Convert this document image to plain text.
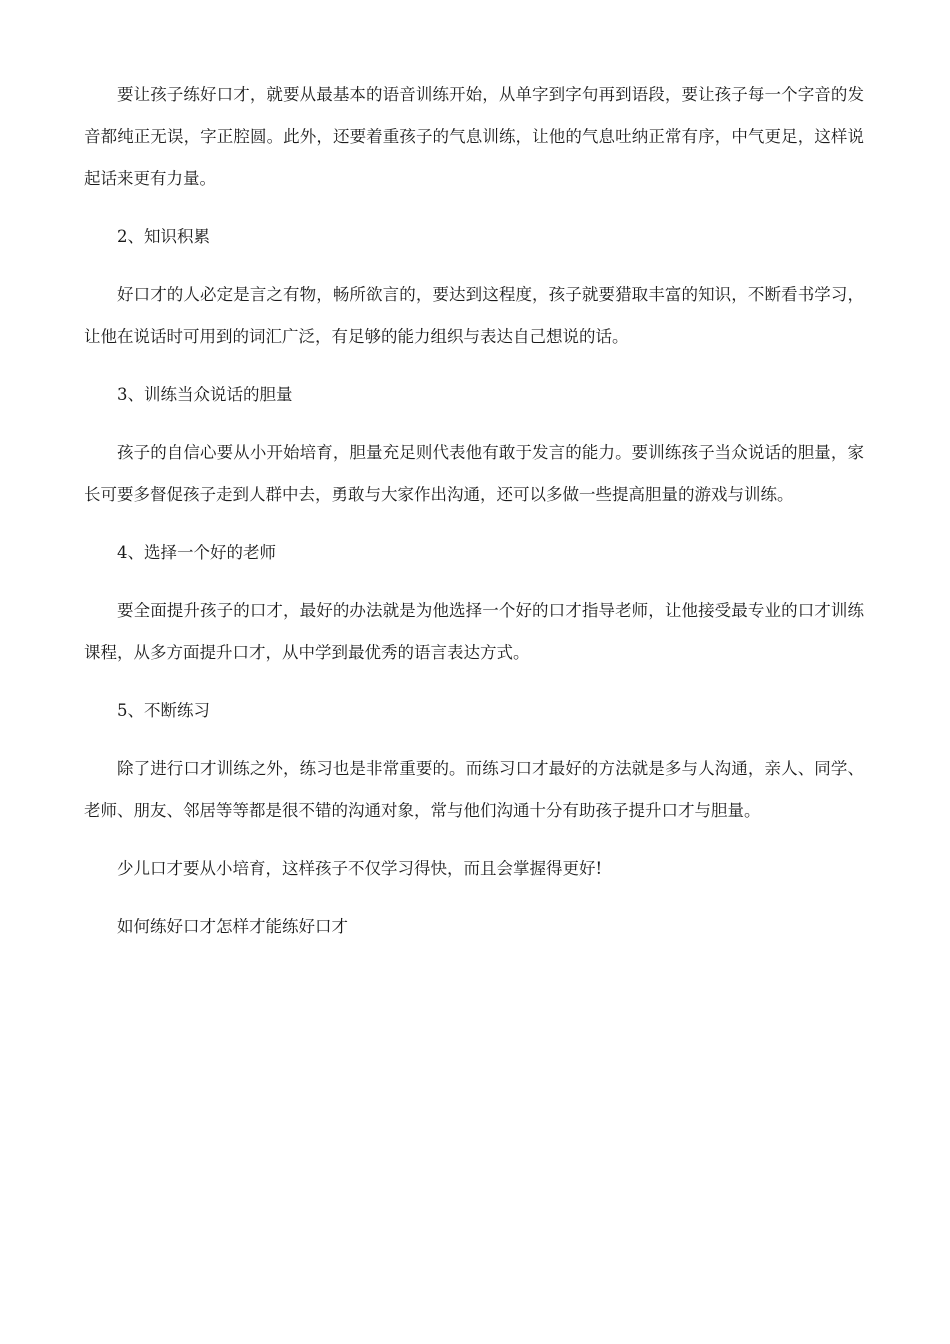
要让孩子练好口才，就要从最基本的语音训练开始，从单字到字句再到语段，要让孩子每一个字音的发音都纯正无误，字正腔圆。此外，还要着重孩子的气息训练，让他的气息吐纳正常有序，中气更足，这样说起话来更有力量。

2、知识积累

好口才的人必定是言之有物，畅所欲言的，要达到这程度，孩子就要猎取丰富的知识，不断看书学习，让他在说话时可用到的词汇广泛，有足够的能力组织与表达自己想说的话。

3、训练当众说话的胆量

孩子的自信心要从小开始培育，胆量充足则代表他有敢于发言的能力。要训练孩子当众说话的胆量，家长可要多督促孩子走到人群中去，勇敢与大家作出沟通，还可以多做一些提高胆量的游戏与训练。

4、选择一个好的老师

要全面提升孩子的口才，最好的办法就是为他选择一个好的口才指导老师，让他接受最专业的口才训练课程，从多方面提升口才，从中学到最优秀的语言表达方式。

5、不断练习

除了进行口才训练之外，练习也是非常重要的。而练习口才最好的方法就是多与人沟通，亲人、同学、老师、朋友、邻居等等都是很不错的沟通对象，常与他们沟通十分有助孩子提升口才与胆量。

少儿口才要从小培育，这样孩子不仅学习得快，而且会掌握得更好!

如何练好口才怎样才能练好口才
